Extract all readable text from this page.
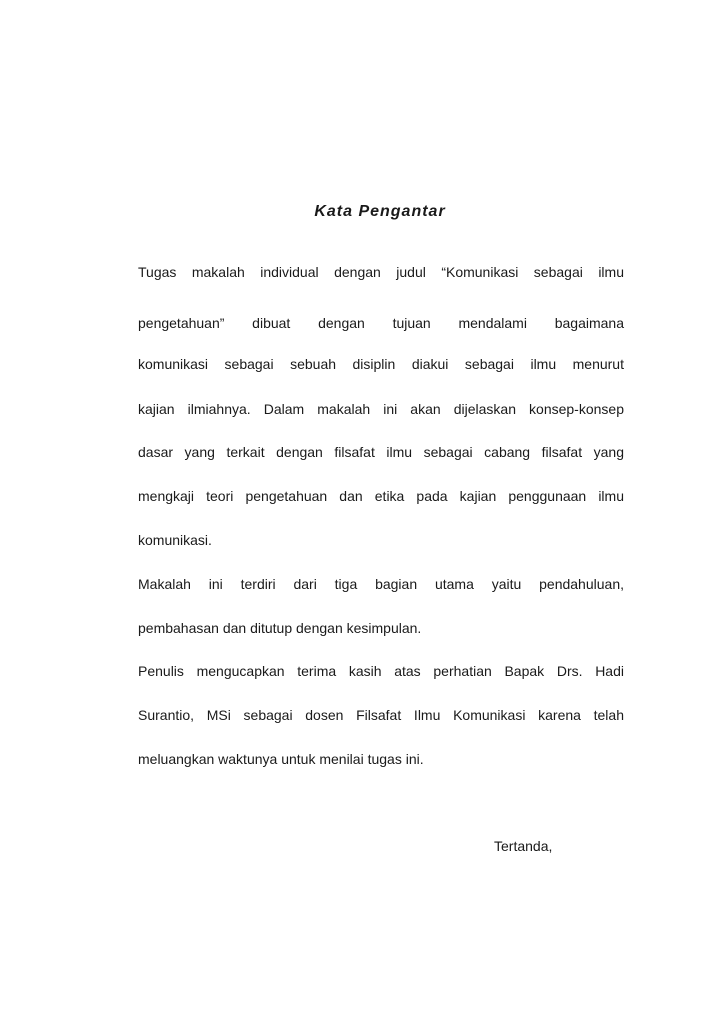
Kata Pengantar

Tugas makalah individual dengan judul “Komunikasi sebagai ilmu

pengetahuan” dibuat dengan tujuan mendalami bagaimana

komunikasi sebagai sebuah disiplin diakui sebagai ilmu menurut

kajian ilmiahnya. Dalam makalah ini akan dijelaskan konsep-konsep

dasar yang terkait dengan filsafat ilmu sebagai cabang filsafat yang

mengkaji teori pengetahuan dan etika pada kajian penggunaan ilmu

komunikasi.

Makalah ini terdiri dari tiga bagian utama yaitu pendahuluan,

pembahasan dan ditutup dengan kesimpulan.

Penulis mengucapkan terima kasih atas perhatian Bapak Drs. Hadi

Surantio, MSi sebagai dosen Filsafat Ilmu Komunikasi karena telah

meluangkan waktunya untuk menilai tugas ini.

Tertanda,
